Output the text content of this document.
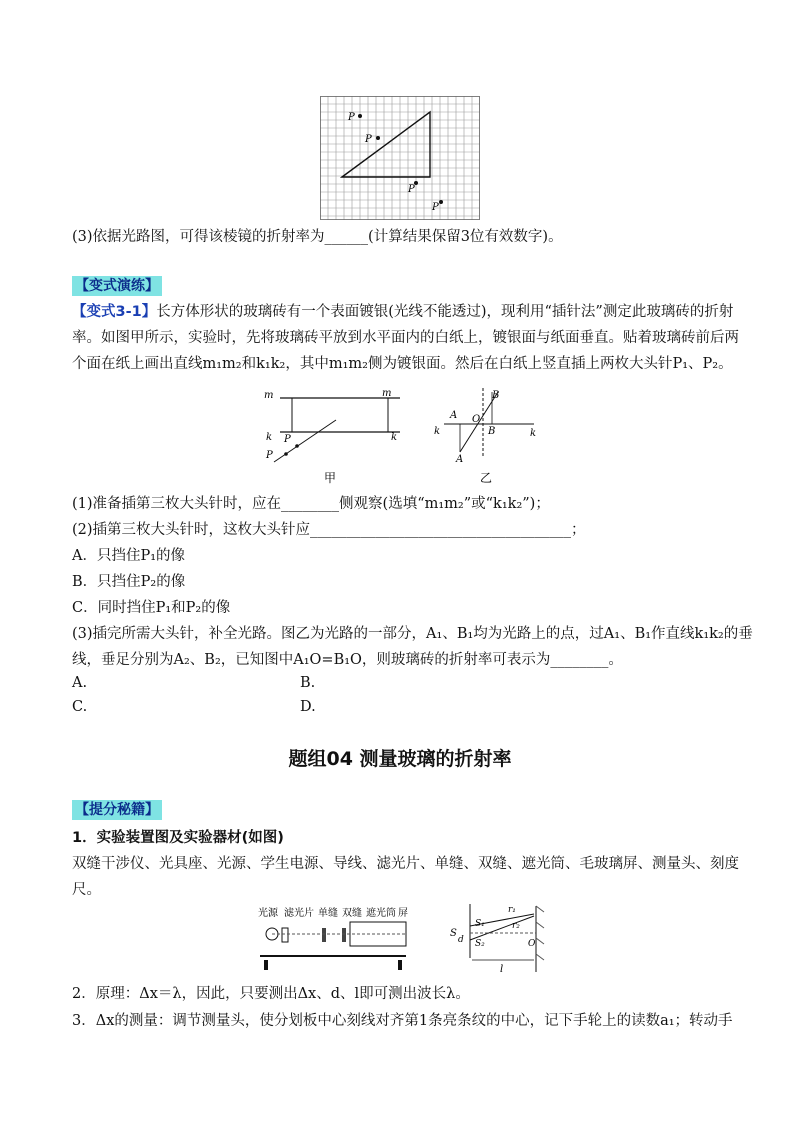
P
P
P
P
(3)依据光路图，可得该棱镜的折射率为______(计算结果保留3位有效数字)。
【变式演练】
【变式3-1】长方体形状的玻璃砖有一个表面镀银(光线不能透过)，现利用“插针法”测定此玻璃砖的折射
率。如图甲所示，实验时，先将玻璃砖平放到水平面内的白纸上，镀银面与纸面垂直。贴着玻璃砖前后两
个面在纸上画出直线m₁m₂和k₁k₂，其中m₁m₂侧为镀银面。然后在白纸上竖直插上两枚大头针P₁、P₂。
m	m
k	k
P
P
甲
A O
B
B
k	k
A
乙
(1)准备插第三枚大头针时，应在________侧观察(选填“m₁m₂”或“k₁k₂”)；
(2)插第三枚大头针时，这枚大头针应____________________________________；
A．只挡住P₁的像
B．只挡住P₂的像
C．同时挡住P₁和P₂的像
(3)插完所需大头针，补全光路。图乙为光路的一部分，A₁、B₁均为光路上的点，过A₁、B₁作直线k₁k₂的垂
线，垂足分别为A₂、B₂，已知图中A₁O=B₁O，则玻璃砖的折射率可表示为________。
A.	B.
C.	D.
题组04 测量玻璃的折射率
【提分秘籍】
1．实验装置图及实验器材(如图)
双缝干涉仪、光具座、光源、学生电源、导线、滤光片、单缝、双缝、遮光筒、毛玻璃屏、测量头、刻度
尺。
光源 滤光片 单缝 双缝 遮光筒 屏
S
S₁
S₂
d
r₁
r₂
O
l
2．原理：Δx＝λ，因此，只要测出Δx、d、l即可测出波长λ。
3．Δx的测量：调节测量头，使分划板中心刻线对齐第1条亮条纹的中心，记下手轮上的读数a₁；转动手
